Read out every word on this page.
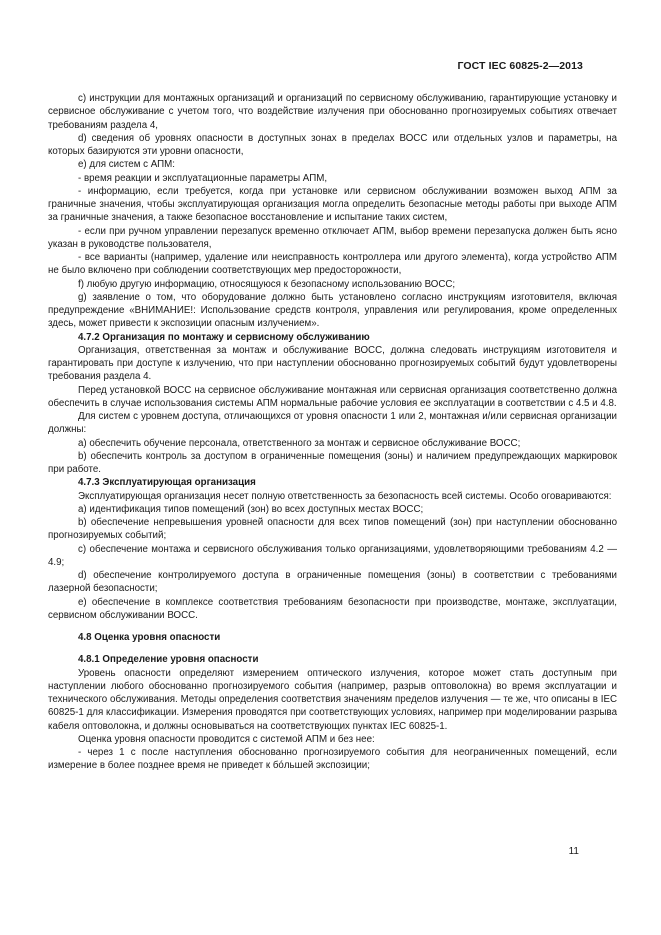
ГОСТ IEC 60825-2—2013

c) инструкции для монтажных организаций и организаций по сервисному обслуживанию, гарантирующие установку и сервисное обслуживание с учетом того, что воздействие излучения при обоснованно прогнозируемых событиях отвечает требованиям раздела 4,

d) сведения об уровнях опасности в доступных зонах в пределах ВОСС или отдельных узлов и параметры, на которых базируются эти уровни опасности,

e) для систем с АПМ:

- время реакции и эксплуатационные параметры АПМ,

- информацию, если требуется, когда при установке или сервисном обслуживании возможен выход АПМ за граничные значения, чтобы эксплуатирующая организация могла определить безопасные методы работы при выходе АПМ за граничные значения, а также безопасное восстановление и испытание таких систем,

- если при ручном управлении перезапуск временно отключает АПМ, выбор времени перезапуска должен быть ясно указан в руководстве пользователя,

- все варианты (например, удаление или неисправность контроллера или другого элемента), когда устройство АПМ не было включено при соблюдении соответствующих мер предосторожности,

f) любую другую информацию, относящуюся к безопасному использованию ВОСС;

g) заявление о том, что оборудование должно быть установлено согласно инструкциям изготовителя, включая предупреждение «ВНИМАНИЕ!: Использование средств контроля, управления или регулирования, кроме определенных здесь, может привести к экспозиции опасным излучением».

4.7.2 Организация по монтажу и сервисному обслуживанию

Организация, ответственная за монтаж и обслуживание ВОСС, должна следовать инструкциям изготовителя и гарантировать при доступе к излучению, что при наступлении обоснованно прогнозируемых событий будут удовлетворены требования раздела 4.

Перед установкой ВОСС на сервисное обслуживание монтажная или сервисная организация соответственно должна обеспечить в случае использования системы АПМ нормальные рабочие условия ее эксплуатации в соответствии с 4.5 и 4.8.

Для систем с уровнем доступа, отличающихся от уровня опасности 1 или 2, монтажная и/или сервисная организации должны:

a) обеспечить обучение персонала, ответственного за монтаж и сервисное обслуживание ВОСС;

b) обеспечить контроль за доступом в ограниченные помещения (зоны) и наличием предупреждающих маркировок при работе.

4.7.3 Эксплуатирующая организация

Эксплуатирующая организация несет полную ответственность за безопасность всей системы. Особо оговариваются:

a) идентификация типов помещений (зон) во всех доступных местах ВОСС;

b) обеспечение непревышения уровней опасности для всех типов помещений (зон) при наступлении обоснованно прогнозируемых событий;

c) обеспечение монтажа и сервисного обслуживания только организациями, удовлетворяющими требованиям 4.2 — 4.9;

d) обеспечение контролируемого доступа в ограниченные помещения (зоны) в соответствии с требованиями лазерной безопасности;

e) обеспечение в комплексе соответствия требованиям безопасности при производстве, монтаже, эксплуатации, сервисном обслуживании ВОСС.

4.8 Оценка уровня опасности
4.8.1 Определение уровня опасности

Уровень опасности определяют измерением оптического излучения, которое может стать доступным при наступлении любого обоснованно прогнозируемого события (например, разрыв оптоволокна) во время эксплуатации и технического обслуживания. Методы определения соответствия значениям пределов излучения — те же, что описаны в IEC 60825-1 для классификации. Измерения проводятся при соответствующих условиях, например при моделировании разрыва кабеля оптоволокна, и должны основываться на соответствующих пунктах IEC 60825-1.

Оценка уровня опасности проводится с системой АПМ и без нее:

- через 1 с после наступления обоснованно прогнозируемого события для неограниченных помещений, если измерение в более позднее время не приведет к бóльшей экспозиции;

11
